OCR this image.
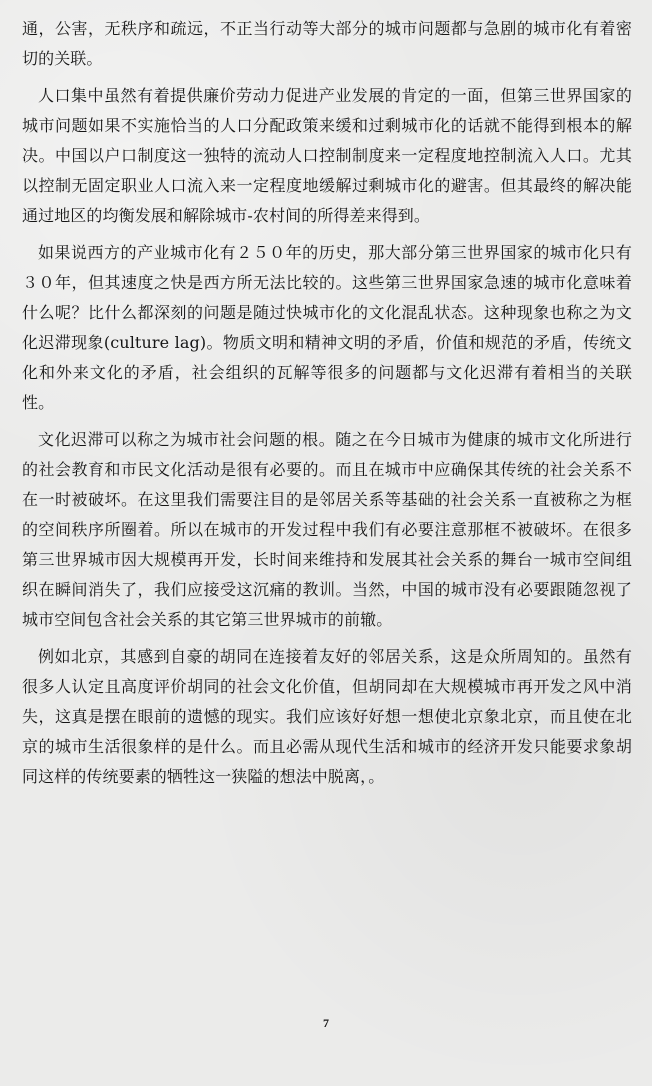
通，公害，无秩序和疏远，不正当行动等大部分的城市问题都与急剧的城市化有着密切的关联。

人口集中虽然有着提供廉价劳动力促进产业发展的肯定的一面，但第三世界国家的城市问题如果不实施恰当的人口分配政策来缓和过剩城市化的话就不能得到根本的解决。中国以户口制度这一独特的流动人口控制制度来一定程度地控制流入人口。尤其以控制无固定职业人口流入来一定程度地缓解过剩城市化的避害。但其最终的解决能通过地区的均衡发展和解除城市-农村间的所得差来得到。

如果说西方的产业城市化有２５０年的历史，那大部分第三世界国家的城市化只有３０年，但其速度之快是西方所无法比较的。这些第三世界国家急速的城市化意味着什么呢？比什么都深刻的问题是随过快城市化的文化混乱状态。这种现象也称之为文化迟滞现象(culture lag)。物质文明和精神文明的矛盾，价值和规范的矛盾，传统文化和外来文化的矛盾，社会组织的瓦解等很多的问题都与文化迟滞有着相当的关联性。

文化迟滞可以称之为城市社会问题的根。随之在今日城市为健康的城市文化所进行的社会教育和市民文化活动是很有必要的。而且在城市中应确保其传统的社会关系不在一时被破坏。在这里我们需要注目的是邻居关系等基础的社会关系一直被称之为框的空间秩序所圈着。所以在城市的开发过程中我们有必要注意那框不被破坏。在很多第三世界城市因大规模再开发，长时间来维持和发展其社会关系的舞台一城市空间组织在瞬间消失了，我们应接受这沉痛的教训。当然，中国的城市没有必要跟随忽视了城市空间包含社会关系的其它第三世界城市的前辙。

例如北京，其感到自豪的胡同在连接着友好的邻居关系，这是众所周知的。虽然有很多人认定且高度评价胡同的社会文化价值，但胡同却在大规模城市再开发之风中消失，这真是摆在眼前的遗憾的现实。我们应该好好想一想使北京象北京，而且使在北京的城市生活很象样的是什么。而且必需从现代生活和城市的经济开发只能要求象胡同这样的传统要素的牺牲这一狭隘的想法中脱离，。

7
